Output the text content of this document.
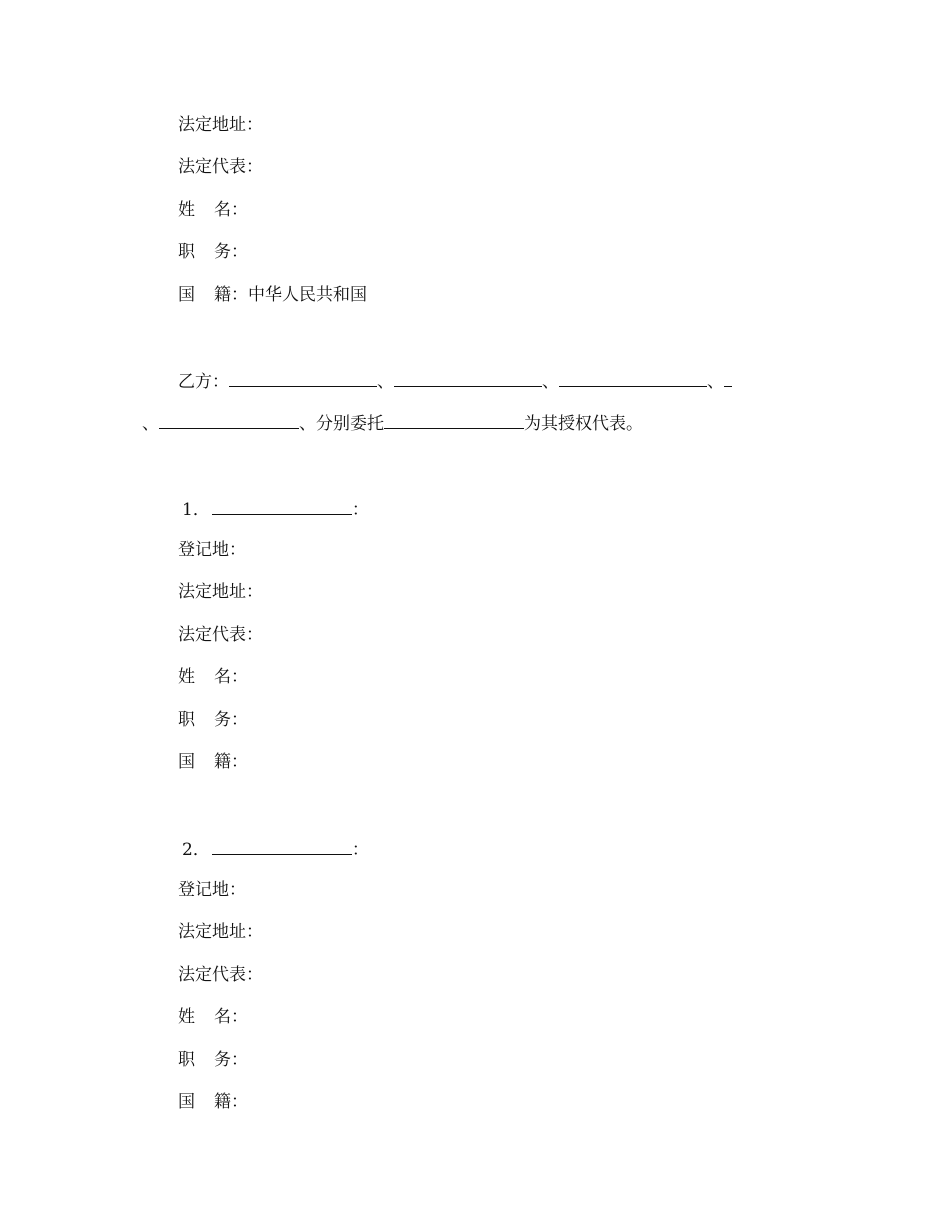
法定地址：
法定代表：
姓 名：
职 务：
国 籍：中华人民共和国
乙方：	、	、	、
、	、分别委托	为其授权代表。
1．	：
登记地：
法定地址：
法定代表：
姓 名：
职 务：
国 籍：
2．	：
登记地：
法定地址：
法定代表：
姓 名：
职 务：
国 籍：
